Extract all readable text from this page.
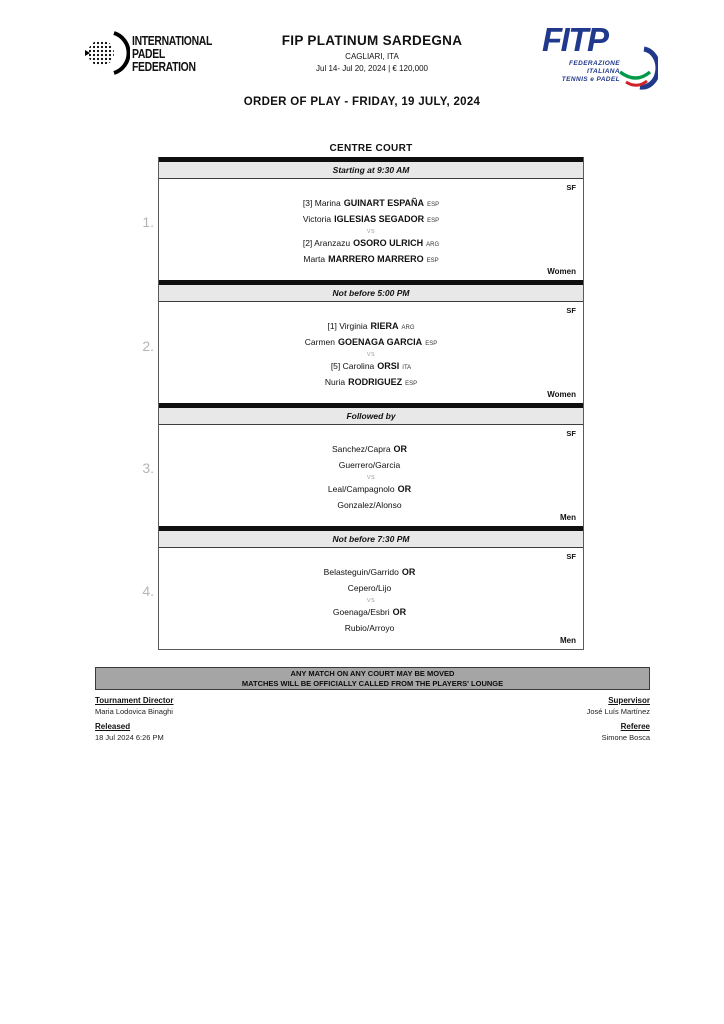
INTERNATIONAL
PADEL
FEDERATION
FIP PLATINUM SARDEGNA
CAGLIARI, ITA
Jul 14- Jul 20, 2024 | € 120,000
FITP
FEDERAZIONE
ITALIANA
TENNIS e PADEL
ORDER OF PLAY - FRIDAY, 19 JULY, 2024
CENTRE COURT
1.
2.
3.
4.
Starting at 9:30 AM
SF
[3] Marina GUINART ESPAÑA ESP
Victoria IGLESIAS SEGADOR ESP
VS
[2] Aranzazu OSORO ULRICH ARG
Marta MARRERO MARRERO ESP
Women
Not before 5:00 PM
SF
[1] Virginia RIERA ARG
Carmen GOENAGA GARCIA ESP
VS
[5] Carolina ORSI ITA
Nuria RODRIGUEZ ESP
Women
Followed by
SF
Sanchez/Capra OR
Guerrero/Garcia
VS
Leal/Campagnolo OR
Gonzalez/Alonso
Men
Not before 7:30 PM
SF
Belasteguin/Garrido OR
Cepero/Lijo
VS
Goenaga/Esbri OR
Rubio/Arroyo
Men
ANY MATCH ON ANY COURT MAY BE MOVED
MATCHES WILL BE OFFICIALLY CALLED FROM THE PLAYERS' LOUNGE
Tournament Director
Maria Lodovica Binaghi
Released
18 Jul 2024 6:26 PM
Supervisor
José Luís Martínez
Referee
Simone Bosca
